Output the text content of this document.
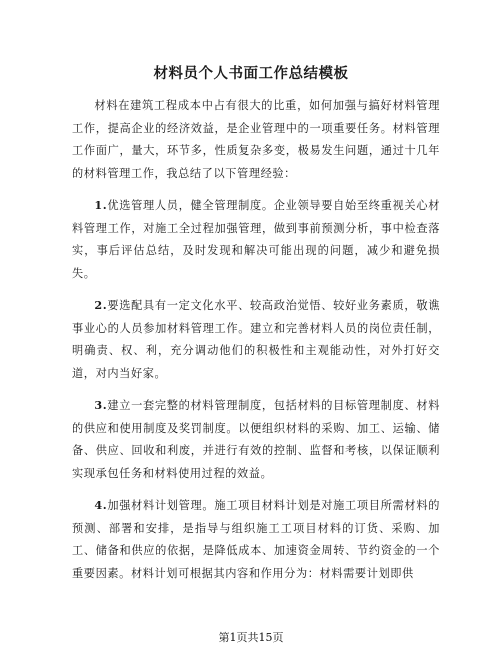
材料员个人书面工作总结模板

材料在建筑工程成本中占有很大的比重，如何加强与搞好材料管理工作，提高企业的经济效益，是企业管理中的一项重要任务。材料管理工作面广，量大，环节多，性质复杂多变，极易发生问题，通过十几年的材料管理工作，我总结了以下管理经验：

1.优选管理人员，健全管理制度。企业领导要自始至终重视关心材料管理工作，对施工全过程加强管理，做到事前预测分析，事中检查落实，事后评估总结，及时发现和解决可能出现的问题，减少和避免损失。

2.要选配具有一定文化水平、较高政治觉悟、较好业务素质，敬谯事业心的人员参加材料管理工作。建立和完善材料人员的岗位责任制，明确责、权、利，充分调动他们的积极性和主观能动性，对外打好交道，对内当好家。

3.建立一套完整的材料管理制度，包括材料的目标管理制度、材料的供应和使用制度及奖罚制度。以便组织材料的采购、加工、运输、储备、供应、回收和利废，并进行有效的控制、监督和考核，以保证顺利实现承包任务和材料使用过程的效益。

4.加强材料计划管理。施工项目材料计划是对施工项目所需材料的预测、部署和安排，是指导与组织施工工项目材料的订货、采购、加工、储备和供应的依据，是降低成本、加速资金周转、节约资金的一个重要因素。材料计划可根据其内容和作用分为：材料需要计划即供

第1页共15页
